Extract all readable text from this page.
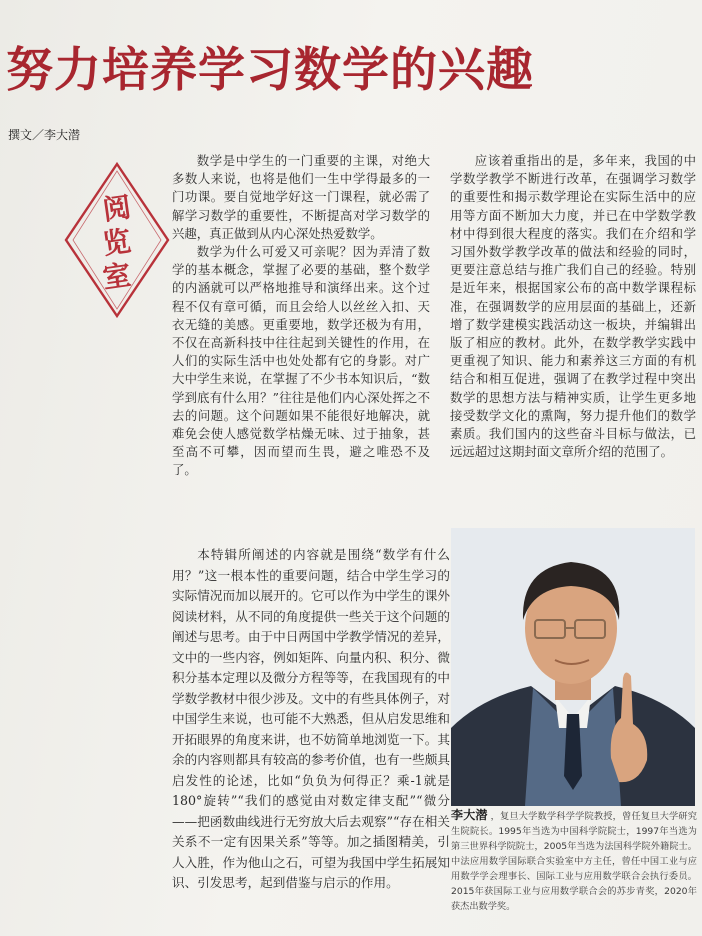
努力培养学习数学的兴趣
撰文／李大潜
阅
览
室

数学是中学生的一门重要的主课，对绝大多数人来说，也将是他们一生中学得最多的一门功课。要自觉地学好这一门课程，就必需了解学习数学的重要性，不断提高对学习数学的兴趣，真正做到从内心深处热爱数学。

数学为什么可爱又可亲呢？因为弄清了数学的基本概念，掌握了必要的基础，整个数学的内涵就可以严格地推导和演绎出来。这个过程不仅有章可循，而且会给人以丝丝入扣、天衣无缝的美感。更重要地，数学还极为有用，不仅在高新科技中往往起到关键性的作用，在人们的实际生活中也处处都有它的身影。对广大中学生来说，在掌握了不少书本知识后，“数学到底有什么用？”往往是他们内心深处挥之不去的问题。这个问题如果不能很好地解决，就难免会使人感觉数学枯燥无味、过于抽象，甚至高不可攀，因而望而生畏，避之唯恐不及了。

本特辑所阐述的内容就是围绕“数学有什么用？”这一根本性的重要问题，结合中学生学习的实际情况而加以展开的。它可以作为中学生的课外阅读材料，从不同的角度提供一些关于这个问题的阐述与思考。由于中日两国中学教学情况的差异，文中的一些内容，例如矩阵、向量内积、积分、微积分基本定理以及微分方程等等，在我国现有的中学数学教材中很少涉及。文中的有些具体例子，对中国学生来说，也可能不大熟悉，但从启发思维和开拓眼界的角度来讲，也不妨简单地浏览一下。其余的内容则都具有较高的参考价值，也有一些颇具启发性的论述，比如“负负为何得正？乘-1就是180°旋转”“我们的感觉由对数定律支配”“微分——把函数曲线进行无穷放大后去观察”“存在相关关系不一定有因果关系”等等。加之插图精美，引人入胜，作为他山之石，可望为我国中学生拓展知识、引发思考，起到借鉴与启示的作用。

应该着重指出的是，多年来，我国的中学数学教学不断进行改革，在强调学习数学的重要性和揭示数学理论在实际生活中的应用等方面不断加大力度，并已在中学数学教材中得到很大程度的落实。我们在介绍和学习国外数学教学改革的做法和经验的同时，更要注意总结与推广我们自己的经验。特别是近年来，根据国家公布的高中数学课程标准，在强调数学的应用层面的基础上，还新增了数学建模实践活动这一板块，并编辑出版了相应的教材。此外，在数学教学实践中更重视了知识、能力和素养这三方面的有机结合和相互促进，强调了在教学过程中突出数学的思想方法与精神实质，让学生更多地接受数学文化的熏陶，努力提升他们的数学素质。我们国内的这些奋斗目标与做法，已远远超过这期封面文章所介绍的范围了。

李大潜 ，复旦大学数学科学学院教授，曾任复旦大学研究生院院长。1995年当选为中国科学院院士，1997年当选为第三世界科学院院士，2005年当选为法国科学院外籍院士。中法应用数学国际联合实验室中方主任，曾任中国工业与应用数学学会理事长、国际工业与应用数学联合会执行委员。2015年获国际工业与应用数学联合会的苏步青奖，2020年获杰出数学奖。
